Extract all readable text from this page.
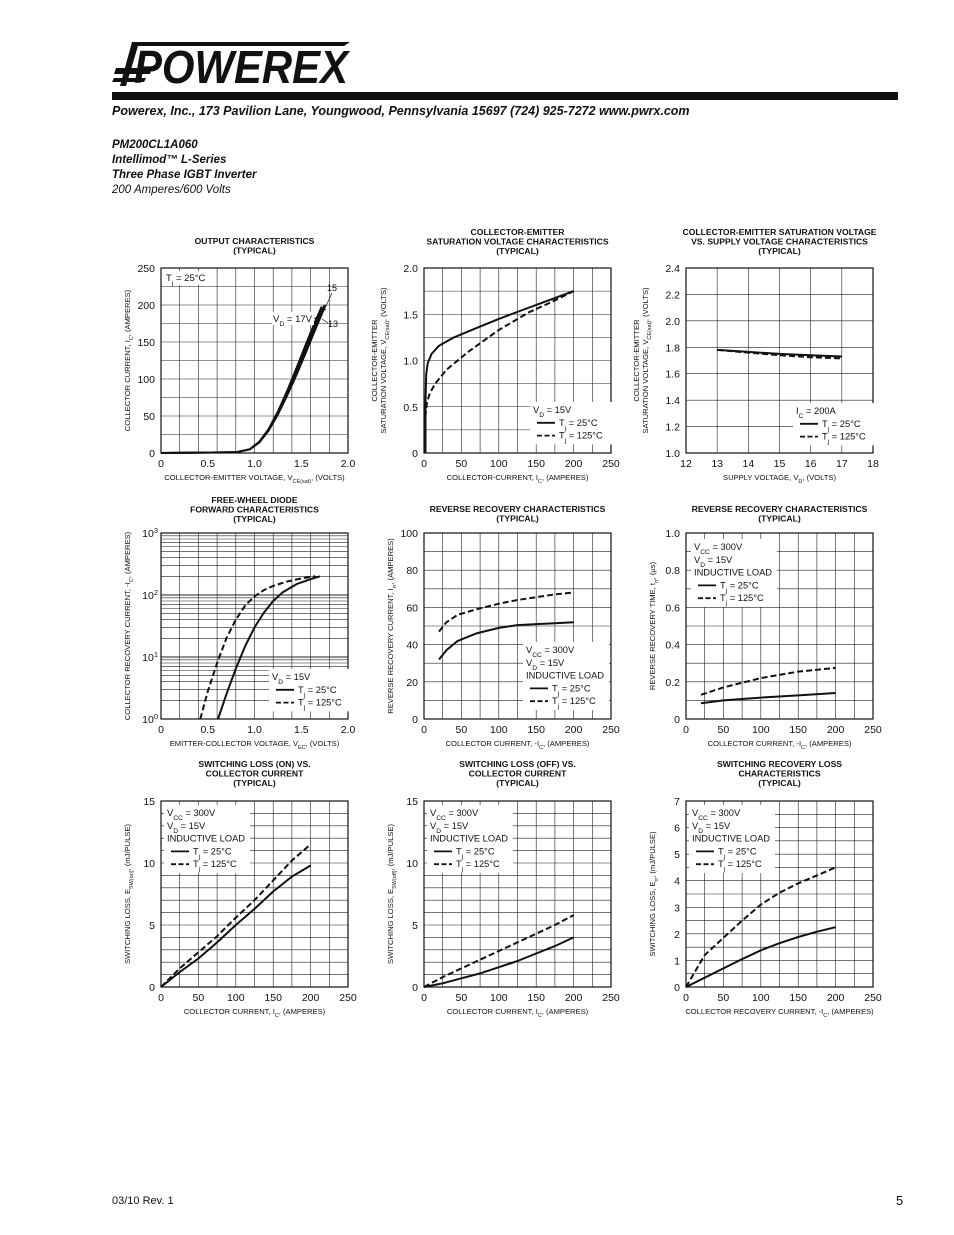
POWEREX
Powerex, Inc., 173 Pavilion Lane, Youngwood, Pennsylvania 15697 (724) 925-7272 www.pwrx.com
PM200CL1A060
Intellimod™ L-Series
Three Phase IGBT Inverter
200 Amperes/600 Volts
OUTPUT CHARACTERISTICS
(TYPICAL)
0	0.5	1.0	1.5	2.0
0
50
100
150
200
250
COLLECTOR-EMITTER VOLTAGE, $V_{CE(sat)}$, (VOLTS)
COLLECTOR CURRENT, $I_C$, (AMPERES)
$T_j = 25^\circ C$
$V_D = 17V$
15
13
COLLECTOR-EMITTER
SATURATION VOLTAGE CHARACTERISTICS
(TYPICAL)
0	50 100 150 200 250
0
0.5
1.0
1.5
2.0
COLLECTOR-CURRENT, $I_C$, (AMPERES)
COLLECTOR-EMITTER SATURATION VOLTAGE, $V_{CE(sat)}$, (VOLTS)
$V_D = 15V$
$T_j = 25^\circ C$
$T_j = 125^\circ C$
COLLECTOR-EMITTER SATURATION VOLTAGE
VS. SUPPLY VOLTAGE CHARACTERISTICS
(TYPICAL)
12 13 14 15 16 17 18
1.0
1.2
1.4
1.6
1.8
2.0
2.2
2.4
SUPPLY VOLTAGE, $V_D$, (VOLTS)
COLLECTOR-EMITTER SATURATION VOLTAGE, $V_{CE(sat)}$, (VOLTS)
$I_C = 200A$
$T_j = 25^\circ C$
$T_j = 125^\circ C$
FREE-WHEEL DIODE
FORWARD CHARACTERISTICS
(TYPICAL)
0	0.5	1.0	1.5	2.0
$10^0$
$10^1$
$10^2$
$10^3$
EMITTER-COLLECTOR VOLTAGE, $V_{EC}$, (VOLTS)
COLLECTOR RECOVERY CURRENT, $-I_C$, (AMPERES)
$V_D = 15V$
$T_j = 25^\circ C$
$T_j = 125^\circ C$
REVERSE RECOVERY CHARACTERISTICS
(TYPICAL)
0	50 100 150 200 250
0
20
40
60
80
100
COLLECTOR CURRENT, $-I_C$, (AMPERES)
REVERSE RECOVERY CURRENT, $I_{rr}$, (AMPERES)
$V_{CC} = 300V$
$V_D = 15V$
INDUCTIVE LOAD
$T_j = 25^\circ C$
$T_j = 125^\circ C$
REVERSE RECOVERY CHARACTERISTICS
(TYPICAL)
0	50 100 150 200 250
0
0.2
0.4
0.6
0.8
1.0
COLLECTOR CURRENT, $-I_C$, (AMPERES)
REVERSE RECOVERY TIME, $t_{rr}$, (μs)
$V_{CC} = 300V$
$V_D = 15V$
INDUCTIVE LOAD
$T_j = 25^\circ C$
$T_j = 125^\circ C$
SWITCHING LOSS (ON) VS.
COLLECTOR CURRENT
(TYPICAL)
0	50 100 150 200 250
0
5
10
15
COLLECTOR CURRENT, $I_C$, (AMPERES)
SWITCHING LOSS, $E_{SW(on)}$, (mJ/PULSE)
$V_{CC} = 300V$
$V_D = 15V$
INDUCTIVE LOAD
$T_j = 25^\circ C$
$T_j = 125^\circ C$
SWITCHING LOSS (OFF) VS.
COLLECTOR CURRENT
(TYPICAL)
0	50 100 150 200 250
0
5
10
15
COLLECTOR CURRENT, $I_C$, (AMPERES)
SWITCHING LOSS, $E_{SW(off)}$, (mJ/PULSE)
$V_{CC} = 300V$
$V_D = 15V$
INDUCTIVE LOAD
$T_j = 25^\circ C$
$T_j = 125^\circ C$
SWITCHING RECOVERY LOSS
CHARACTERISTICS
(TYPICAL)
0	50 100 150 200 250
0
1
2
3
4
5
6
7
COLLECTOR RECOVERY CURRENT, $-I_C$, (AMPERES)
SWITCHING LOSS, $E_{rr}$, (mJ/PULSE)
$V_{CC} = 300V$
$V_D = 15V$
INDUCTIVE LOAD
$T_j = 25^\circ C$
$T_j = 125^\circ C$
03/10 Rev. 1	5
